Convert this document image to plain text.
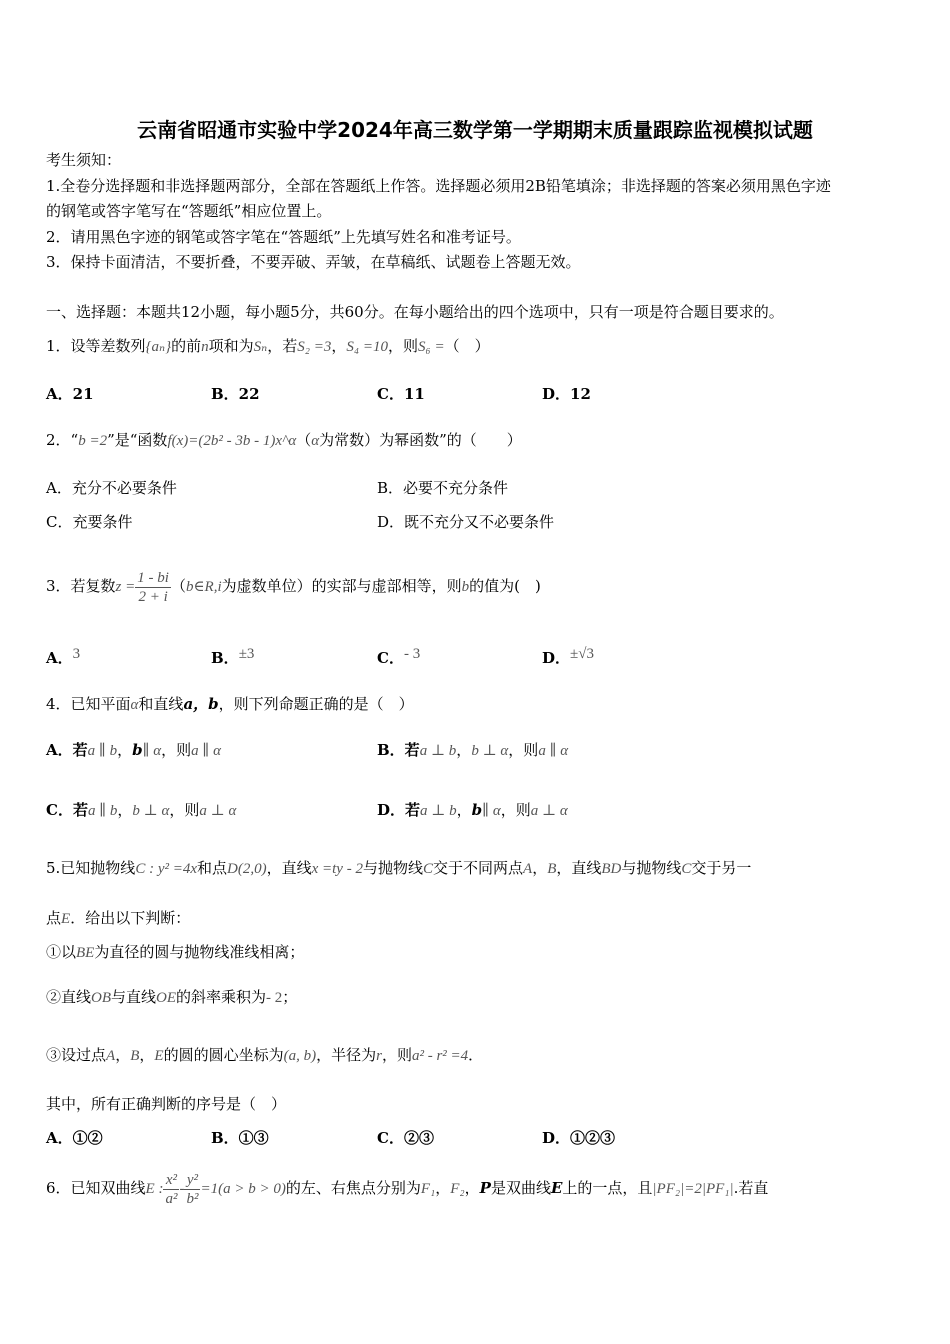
云南省昭通市实验中学2024年高三数学第一学期期末质量跟踪监视模拟试题
考生须知：
1.全卷分选择题和非选择题两部分，全部在答题纸上作答。选择题必须用2B铅笔填涂；非选择题的答案必须用黑色字迹
的钢笔或答字笔写在“答题纸”相应位置上。
2．请用黑色字迹的钢笔或答字笔在“答题纸”上先填写姓名和准考证号。
3．保持卡面清洁，不要折叠，不要弄破、弄皱，在草稿纸、试题卷上答题无效。
一、选择题：本题共12小题，每小题5分，共60分。在每小题给出的四个选项中，只有一项是符合题目要求的。
1．设等差数列{aₙ}的前n项和为Sₙ，若S₂ =3，S₄ =10，则S₆ =（　）
A．21	B．22	C．11	D．12
2．“b =2”是“函数f(x)=(2b² - 3b - 1)x^α（α为常数）为幂函数”的（　　）
A．充分不必要条件	B．必要不充分条件
C．充要条件	D．既不充分又不必要条件
3．若复数$z = \frac{1 - bi}{2 + i}$ （b∈R,i为虚数单位）的实部与虚部相等，则b的值为(　)
A．3	B．±3	C．- 3	D．±√3
4．已知平面α和直线a，b，则下列命题正确的是（　）
A．若a ∥ b，b∥ α，则a ∥ α	B．若a ⊥ b，b ⊥ α，则a ∥ α
C．若a ∥ b，b ⊥ α，则a ⊥ α	D．若a ⊥ b，b∥ α，则a ⊥ α
5.已知抛物线C : y² =4x和点D(2,0)，直线x =ty - 2与抛物线C交于不同两点A，B，直线BD与抛物线C交于另一
点E．给出以下判断：
①以BE为直径的圆与抛物线准线相离；
②直线OB与直线OE的斜率乘积为- 2；
③设过点A，B，E的圆的圆心坐标为(a, b)，半径为r，则a² - r² =4．
其中，所有正确判断的序号是（　）
A．①②	B．①③	C．②③	D．①②③
6．已知双曲线E : $\frac{\text{x²}}{\text{a²}} - \frac{\text{y²}}{\text{b²}} =1(a > b > 0)$的左、右焦点分别为F₁，F₂，P是双曲线E上的一点，且|PF₂|=2|PF₁|.若直
